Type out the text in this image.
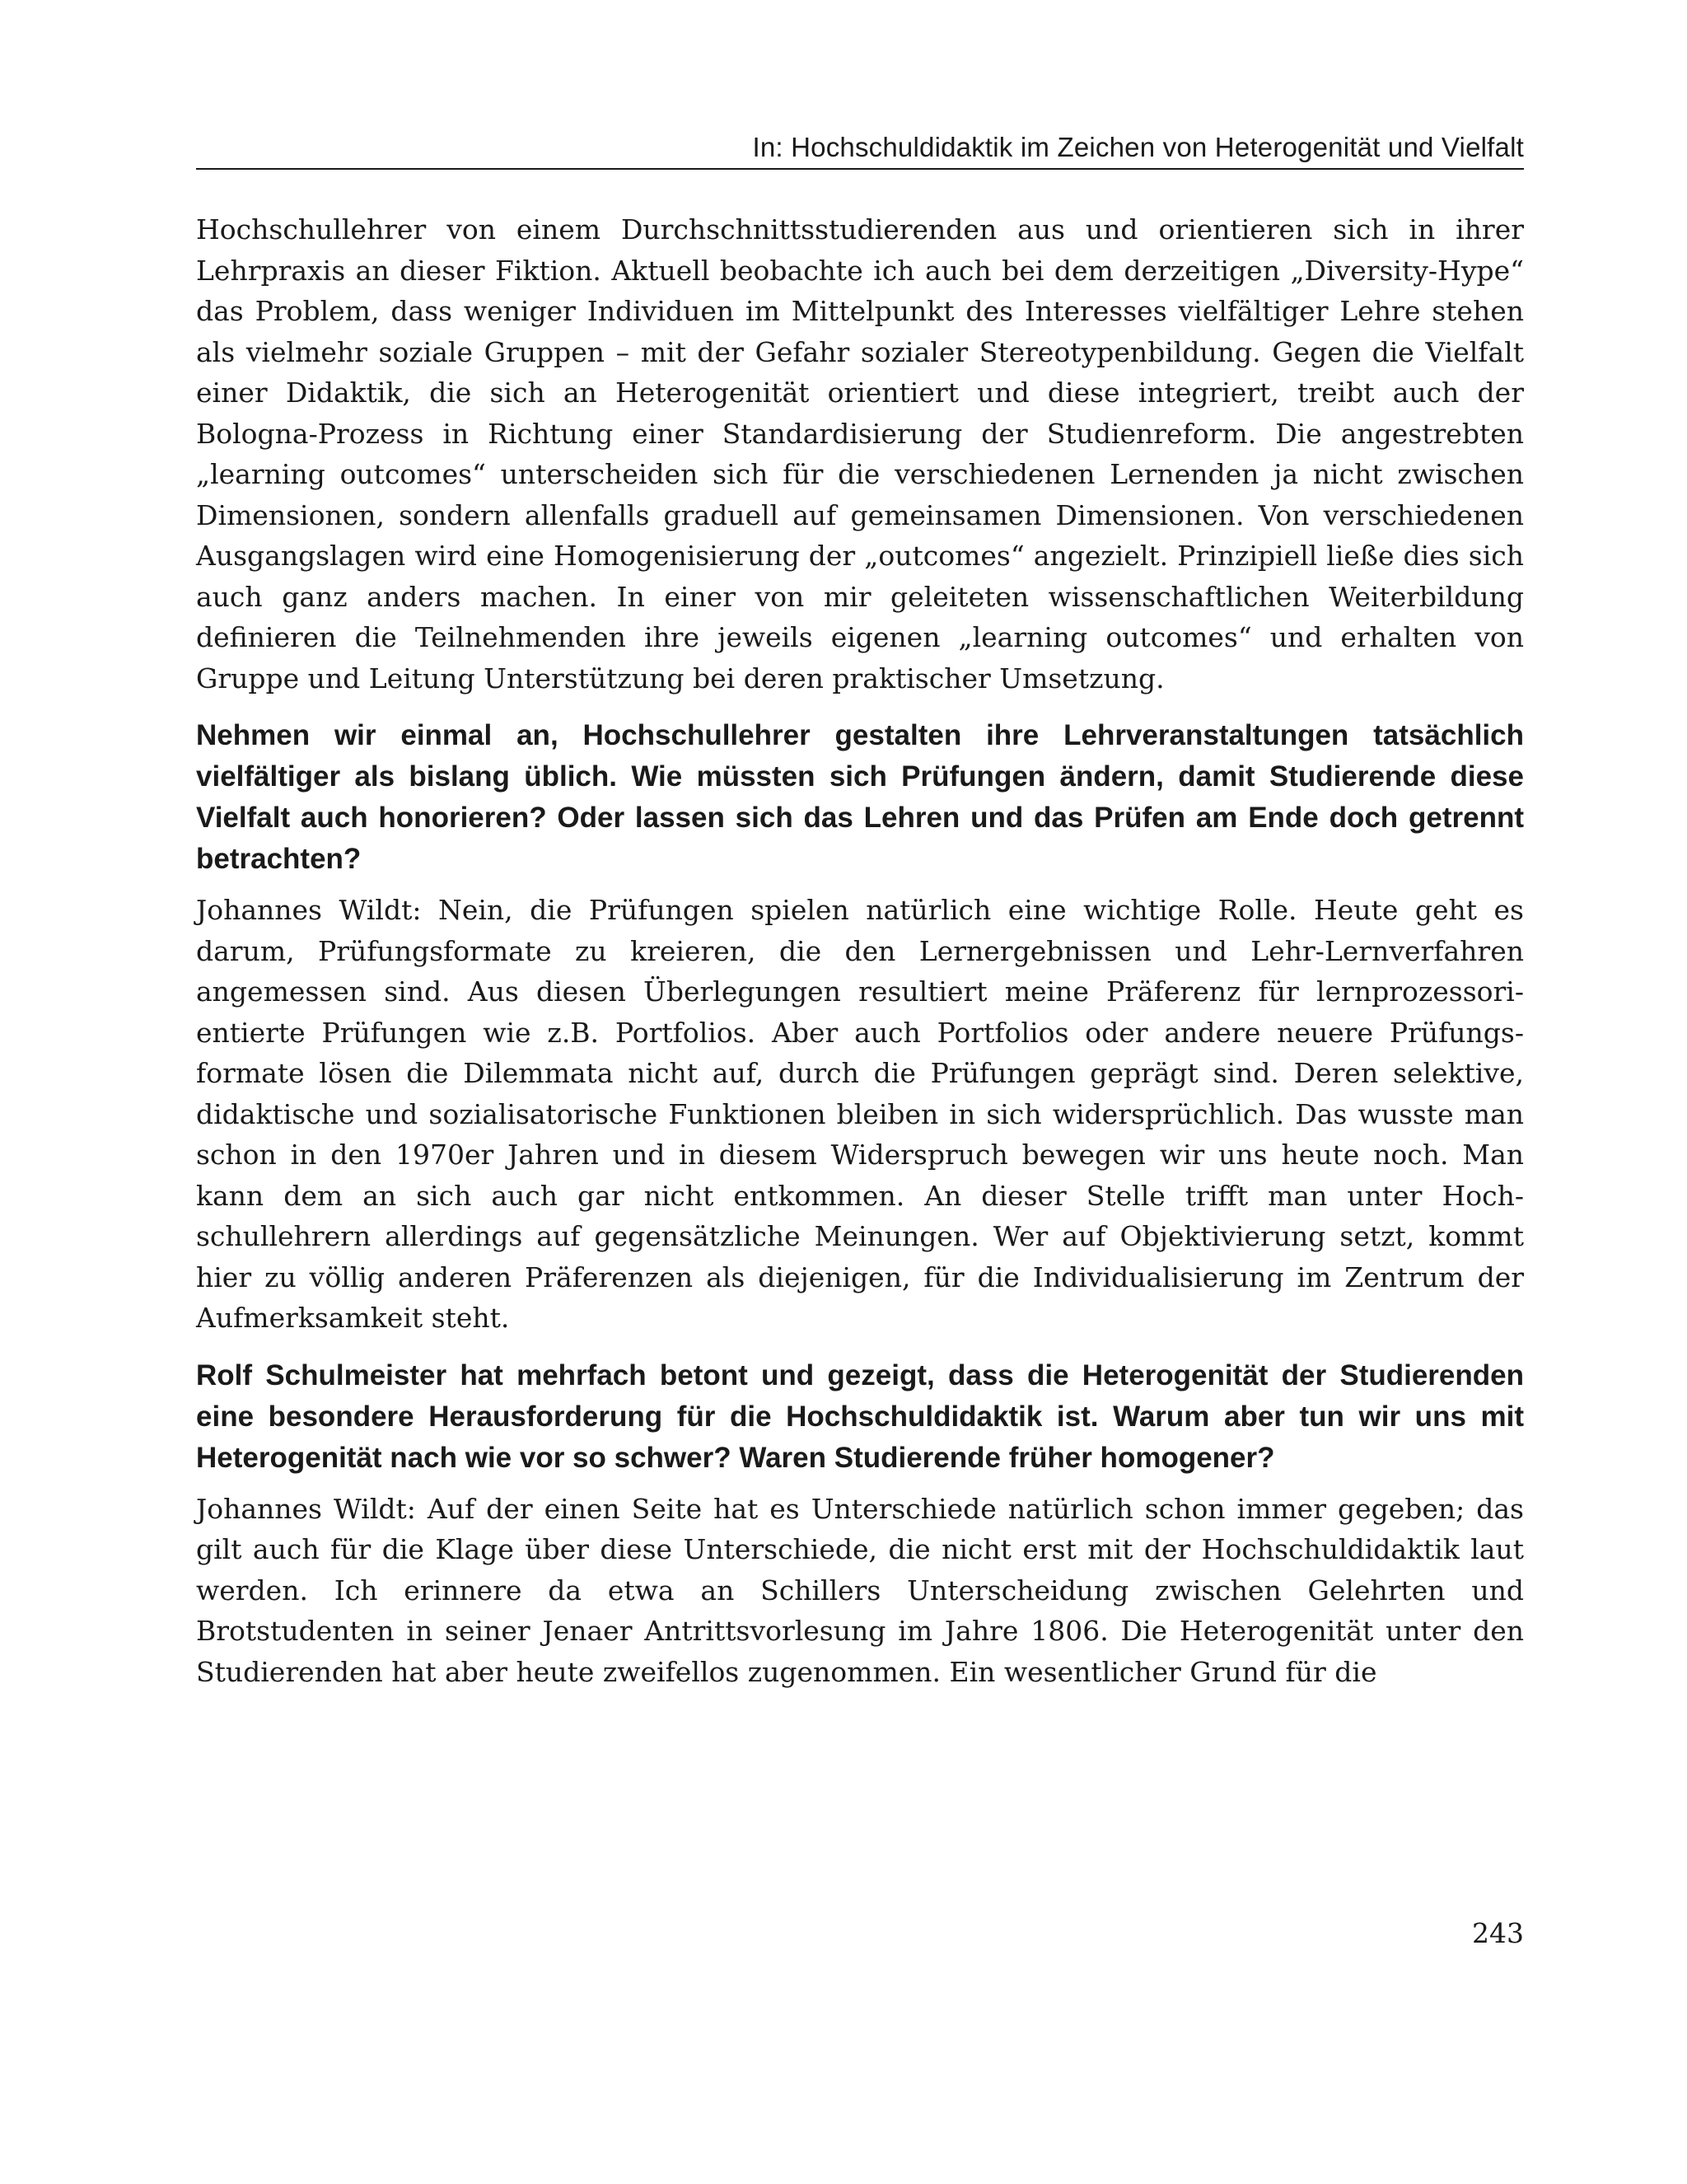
In: Hochschuldidaktik im Zeichen von Heterogenität und Vielfalt

Hochschullehrer von einem Durchschnittsstudierenden aus und orientieren sich in ihrer Lehrpraxis an dieser Fiktion. Aktuell beobachte ich auch bei dem derzeitigen „Diversity-Hype“ das Problem, dass weniger Individuen im Mittelpunkt des Interesses vielfältiger Lehre stehen als vielmehr soziale Gruppen – mit der Gefahr sozialer Stereotypenbildung. Gegen die Vielfalt einer Didaktik, die sich an Heterogenität orientiert und diese integriert, treibt auch der Bologna-Prozess in Richtung einer Standardisierung der Studienreform. Die angestrebten „learning outcomes“ unterscheiden sich für die verschiedenen Lernenden ja nicht zwischen Dimensionen, sondern allenfalls graduell auf gemeinsamen Dimensionen. Von verschiedenen Ausgangslagen wird eine Homogenisierung der „outcomes“ angezielt. Prinzipiell ließe dies sich auch ganz anders machen. In einer von mir geleiteten wissenschaftlichen Weiterbildung definieren die Teilnehmenden ihre jeweils eigenen „learning outcomes“ und erhalten von Gruppe und Leitung Unterstützung bei deren praktischer Umsetzung.

Nehmen wir einmal an, Hochschullehrer gestalten ihre Lehrveranstaltungen tatsächlich vielfältiger als bislang üblich. Wie müssten sich Prüfungen ändern, damit Studierende diese Vielfalt auch honorieren? Oder lassen sich das Lehren und das Prüfen am Ende doch getrennt betrachten?

Johannes Wildt: Nein, die Prüfungen spielen natürlich eine wichtige Rolle. Heute geht es darum, Prüfungsformate zu kreieren, die den Lernergebnissen und Lehr-Lernverfahren angemessen sind. Aus diesen Überlegungen resultiert meine Präferenz für lernprozessorientierte Prüfungen wie z.B. Portfolios. Aber auch Portfolios oder andere neuere Prüfungsformate lösen die Dilemmata nicht auf, durch die Prüfungen geprägt sind. Deren selektive, didaktische und sozialisatorische Funktionen bleiben in sich widersprüchlich. Das wusste man schon in den 1970er Jahren und in diesem Widerspruch bewegen wir uns heute noch. Man kann dem an sich auch gar nicht entkommen. An dieser Stelle trifft man unter Hochschullehrern allerdings auf gegensätzliche Meinungen. Wer auf Objektivierung setzt, kommt hier zu völlig anderen Präferenzen als diejenigen, für die Individualisierung im Zentrum der Aufmerksamkeit steht.

Rolf Schulmeister hat mehrfach betont und gezeigt, dass die Heterogenität der Studierenden eine besondere Herausforderung für die Hochschuldidaktik ist. Warum aber tun wir uns mit Heterogenität nach wie vor so schwer? Waren Studierende früher homogener?

Johannes Wildt: Auf der einen Seite hat es Unterschiede natürlich schon immer gegeben; das gilt auch für die Klage über diese Unterschiede, die nicht erst mit der Hochschuldidaktik laut werden. Ich erinnere da etwa an Schillers Unterscheidung zwischen Gelehrten und Brotstudenten in seiner Jenaer Antrittsvorlesung im Jahre 1806. Die Heterogenität unter den Studierenden hat aber heute zweifellos zugenommen. Ein wesentlicher Grund für die

243
